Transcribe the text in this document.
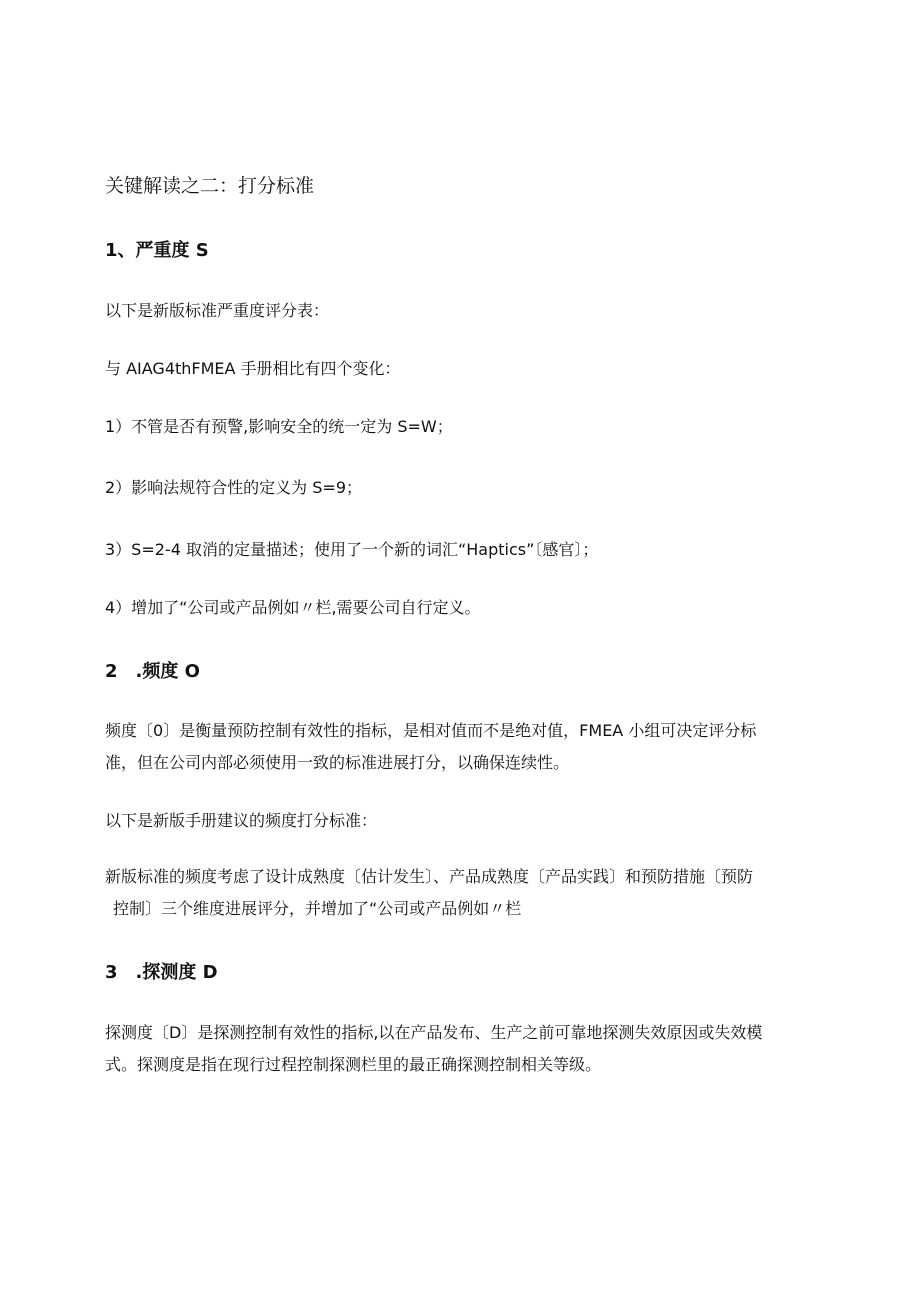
关键解读之二：打分标准
1、严重度 S
以下是新版标准严重度评分表：
与 AIAG4thFMEA 手册相比有四个变化：
1）不管是否有预警,影响安全的统一定为 S=W；
2）影响法规符合性的定义为 S=9；
3）S=2-4 取消的定量描述；使用了一个新的词汇“Haptics”〔感官〕；
4）增加了“公司或产品例如〃栏,需要公司自行定义。
2　.频度 O
频度〔0〕是衡量预防控制有效性的指标，是相对值而不是绝对值，FMEA 小组可决定评分标
准，但在公司内部必须使用一致的标准进展打分，以确保连续性。
以下是新版手册建议的频度打分标准：
新版标准的频度考虑了设计成熟度〔估计发生〕、产品成熟度〔产品实践〕和预防措施〔预防
控制〕三个维度进展评分，并增加了“公司或产品例如〃栏
3　.探测度 D
探测度〔D〕是探测控制有效性的指标,以在产品发布、生产之前可靠地探测失效原因或失效模
式。探测度是指在现行过程控制探测栏里的最正确探测控制相关等级。
